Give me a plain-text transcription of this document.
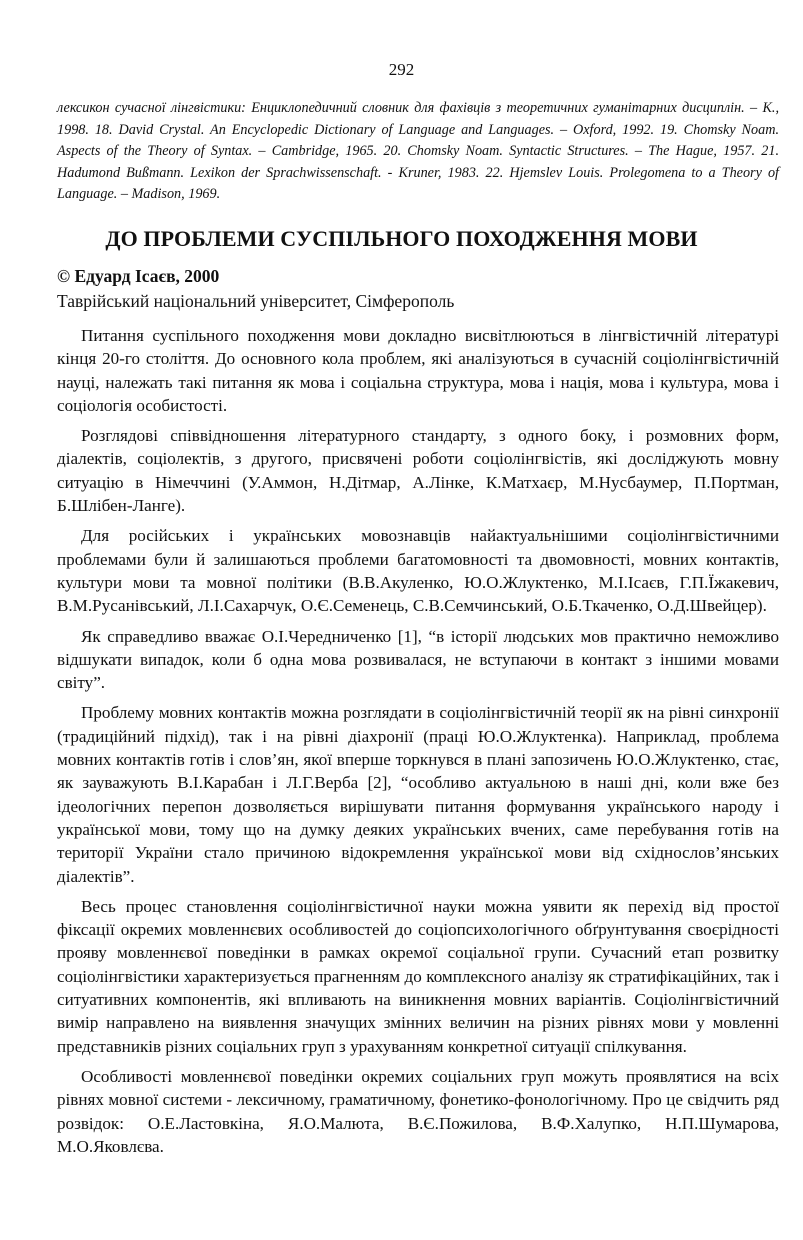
292

лексикон сучасної лінгвістики: Енциклопедичний словник для фахівців з теоретичних гуманітарних дисциплін. – К., 1998. 18. David Crystal. An Encyclopedic Dictionary of Language and Languages. – Oxford, 1992. 19. Chomsky Noam. Aspects of the Theory of Syntax. – Cambridge, 1965. 20. Chomsky Noam. Syntactic Structures. – The Hague, 1957. 21. Hadumond Bußmann. Lexikon der Sprachwissenschaft. - Kruner, 1983. 22. Hjemslev Louis. Prolegomena to a Theory of Language. – Madison, 1969.

ДО ПРОБЛЕМИ СУСПІЛЬНОГО ПОХОДЖЕННЯ МОВИ
© Едуард Ісаєв, 2000
Таврійський національний університет, Сімферополь

Питання суспільного походження мови докладно висвітлюються в лінгвістичній літературі кінця 20-го століття. До основного кола проблем, які аналізуються в сучасній соціолінгвістичній науці, належать такі питання як мова і соціальна структура, мова і нація, мова і культура, мова і соціологія особистості.

Розглядові співвідношення літературного стандарту, з одного боку, і розмовних форм, діалектів, соціолектів, з другого, присвячені роботи соціолінгвістів, які досліджують мовну ситуацію в Німеччині (У.Аммон, Н.Дітмар, А.Лінке, К.Матхаєр, М.Нусбаумер, П.Портман, Б.Шлібен-Ланге).

Для російських і українських мовознавців найактуальнішими соціолінгвістичними проблемами були й залишаються проблеми багатомовності та двомовності, мовних контактів, культури мови та мовної політики (В.В.Акуленко, Ю.О.Жлуктенко, М.І.Ісаєв, Г.П.Їжакевич, В.М.Русанівський, Л.І.Сахарчук, О.Є.Семенець, С.В.Семчинський, О.Б.Ткаченко, О.Д.Швейцер).

Як справедливо вважає О.І.Чередниченко [1], “в історії людських мов практично неможливо відшукати випадок, коли б одна мова розвивалася, не вступаючи в контакт з іншими мовами світу”.

Проблему мовних контактів можна розглядати в соціолінгвістичній теорії як на рівні синхронії (традиційний підхід), так і на рівні діахронії (праці Ю.О.Жлуктенка). Наприклад, проблема мовних контактів готів і слов’ян, якої вперше торкнувся в плані запозичень Ю.О.Жлуктенко, стає, як зауважують В.І.Карабан і Л.Г.Верба [2], “особливо актуальною в наші дні, коли вже без ідеологічних перепон дозволяється вирішувати питання формування українського народу і української мови, тому що на думку деяких українських вчених, саме перебування готів на території України стало причиною відокремлення української мови від східнослов’янських діалектів”.

Весь процес становлення соціолінгвістичної науки можна уявити як перехід від простої фіксації окремих мовленнєвих особливостей до соціопсихологічного обґрунтування своєрідності прояву мовленнєвої поведінки в рамках окремої соціальної групи. Сучасний етап розвитку соціолінгвістики характеризується прагненням до комплексного аналізу як стратифікаційних, так і ситуативних компонентів, які впливають на виникнення мовних варіантів. Соціолінгвістичний вимір направлено на виявлення значущих змінних величин на різних рівнях мови у мовленні представників різних соціальних груп з урахуванням конкретної ситуації спілкування.

Особливості мовленнєвої поведінки окремих соціальних груп можуть проявлятися на всіх рівнях мовної системи - лексичному, граматичному, фонетико-фонологічному. Про це свідчить ряд розвідок: О.Е.Ластовкіна, Я.О.Малюта, В.Є.Пожилова, В.Ф.Халупко, Н.П.Шумарова, М.О.Яковлєва.
